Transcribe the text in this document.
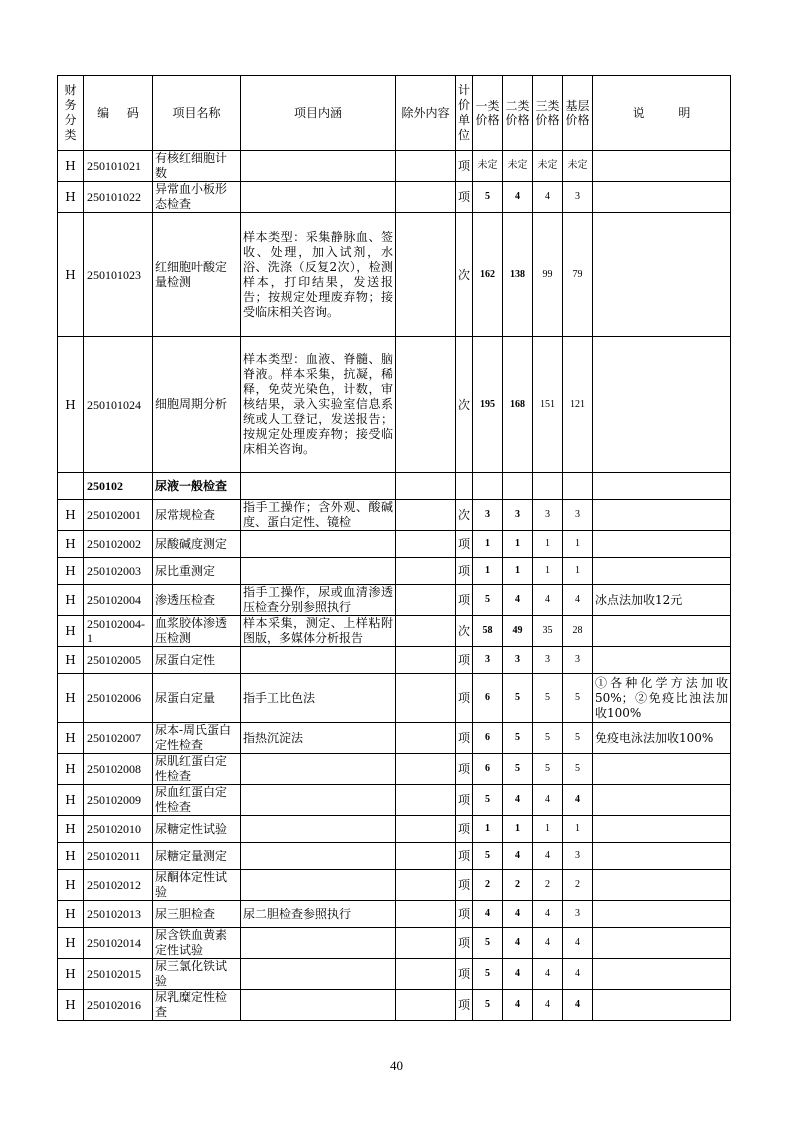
财务分类	编 码	项目名称	项目内涵	除外内容	计价单位	一类价格	二类价格	三类价格	基层价格	说 明
H	250101021	有核红细胞计数			项	未定	未定	未定	未定	
H	250101022	异常血小板形态检查			项	5	4	4	3	
H	250101023	红细胞叶酸定量检测	样本类型：采集静脉血、签收、处理，加入试剂，水浴、洗涤（反复2次），检测样本，打印结果，发送报告；按规定处理废弃物；接受临床相关咨询。		次	162	138	99	79	
H	250101024	细胞周期分析	样本类型：血液、脊髓、脑脊液。样本采集，抗凝，稀释，免荧光染色，计数，审核结果，录入实验室信息系统或人工登记，发送报告；按规定处理废弃物；接受临床相关咨询。		次	195	168	151	121	
	250102	尿液一般检查								
H	250102001	尿常规检查	指手工操作；含外观、酸碱度、蛋白定性、镜检		次	3	3	3	3	
H	250102002	尿酸碱度测定			项	1	1	1	1	
H	250102003	尿比重测定			项	1	1	1	1	
H	250102004	渗透压检查	指手工操作，尿或血清渗透压检查分别参照执行		项	5	4	4	4	冰点法加收12元
H	250102004-1	血浆胶体渗透压检测	样本采集，测定、上样粘附图版，多媒体分析报告		次	58	49	35	28	
H	250102005	尿蛋白定性			项	3	3	3	3	
H	250102006	尿蛋白定量	指手工比色法		项	6	5	5	5	①各种化学方法加收50%；②免疫比浊法加收100%
H	250102007	尿本-周氏蛋白定性检查	指热沉淀法		项	6	5	5	5	免疫电泳法加收100%
H	250102008	尿肌红蛋白定性检查			项	6	5	5	5	
H	250102009	尿血红蛋白定性检查			项	5	4	4	4	
H	250102010	尿糖定性试验			项	1	1	1	1	
H	250102011	尿糖定量测定			项	5	4	4	3	
H	250102012	尿酮体定性试验			项	2	2	2	2	
H	250102013	尿三胆检查	尿二胆检查参照执行		项	4	4	4	3	
H	250102014	尿含铁血黄素定性试验			项	5	4	4	4	
H	250102015	尿三氯化铁试验			项	5	4	4	4	
H	250102016	尿乳糜定性检查			项	5	4	4	4	
40
